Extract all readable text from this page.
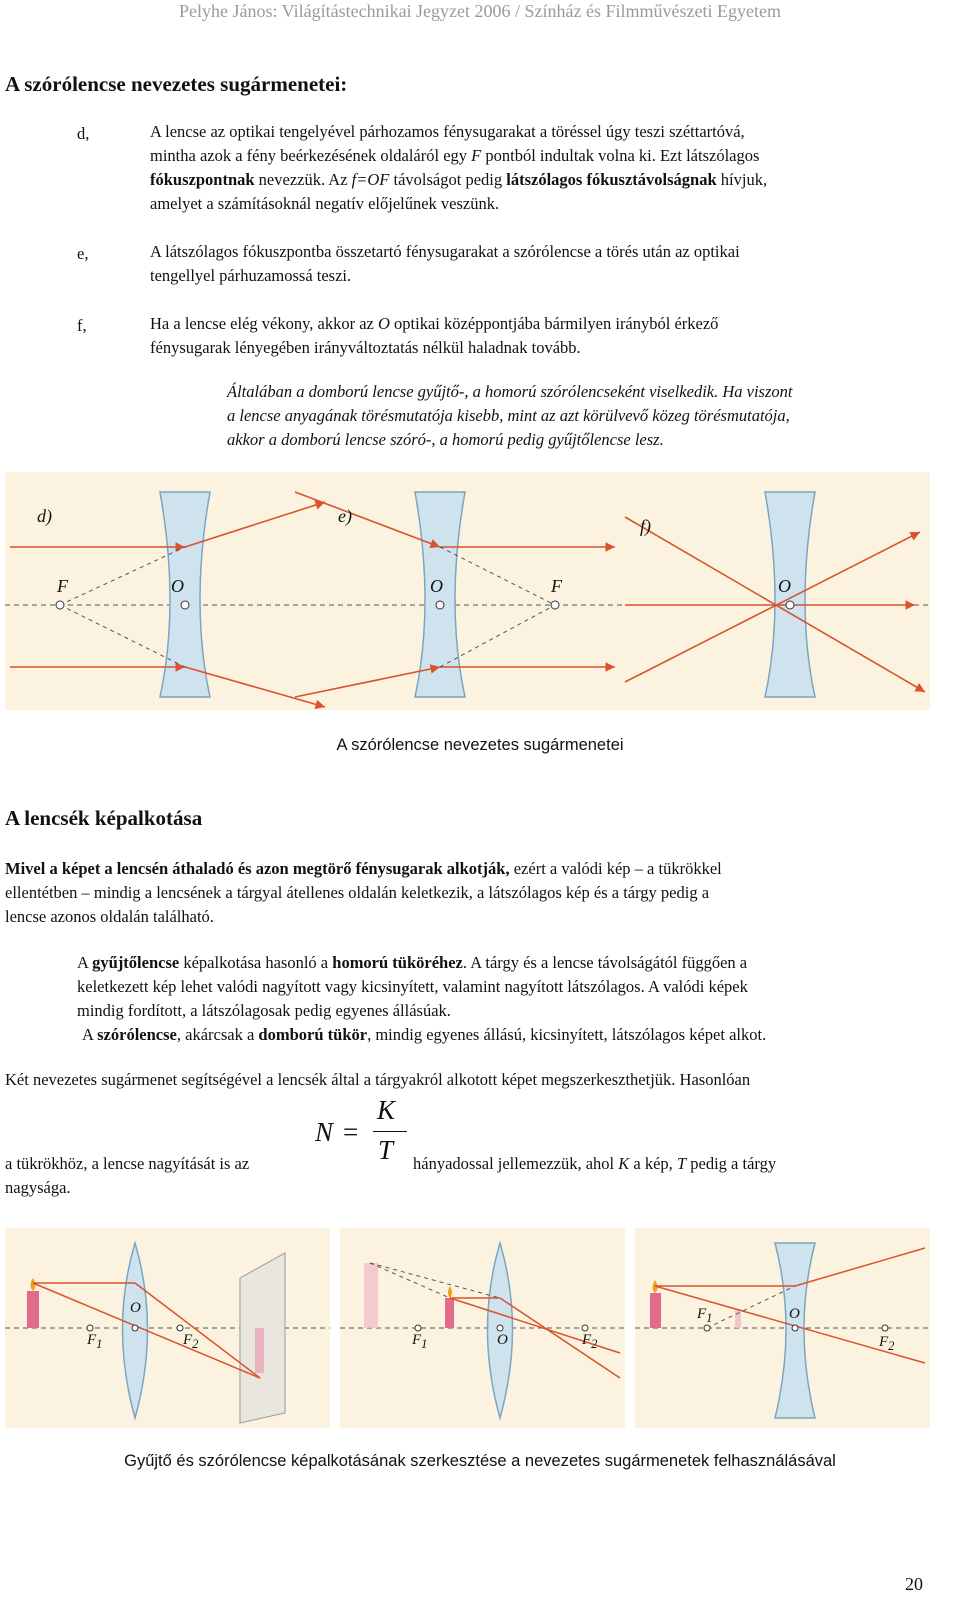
Pelyhe János: Világítástechnikai Jegyzet 2006 / Színház és Filmművészeti Egyetem
A szórólencse nevezetes sugármenetei:
d,	A lencse az optikai tengelyével párhozamos fénysugarakat a töréssel úgy teszi széttartóvá,
mintha azok a fény beérkezésének oldaláról egy F pontból indultak volna ki. Ezt látszólagos
fókuszpontnak nevezzük. Az f=OF távolságot pedig látszólagos fókusztávolságnak hívjuk,
amelyet a számításoknál negatív előjelűnek veszünk.
e,	A látszólagos fókuszpontba összetartó fénysugarakat a szórólencse a törés után az optikai
tengellyel párhuzamossá teszi.
f,	Ha a lencse elég vékony, akkor az O optikai középpontjába bármilyen irányból érkező
fénysugarak lényegében irányváltoztatás nélkül haladnak tovább.
Általában a domború lencse gyűjtő-, a homorú szórólencseként viselkedik. Ha viszont
a lencse anyagának törésmutatója kisebb, mint az azt körülvevő közeg törésmutatója,
akkor a domború lencse szóró-, a homorú pedig gyűjtőlencse lesz.
d)	e)	f)
F	O	O	F	O
A szórólencse nevezetes sugármenetei
A lencsék képalkotása
Mivel a képet a lencsén áthaladó és azon megtörő fénysugarak alkotják, ezért a valódi kép – a tükrökkel
ellentétben – mindig a lencsének a tárgyal átellenes oldalán keletkezik, a látszólagos kép és a tárgy pedig a
lencse azonos oldalán található.
A gyűjtőlencse képalkotása hasonló a homorú tüköréhez. A tárgy és a lencse távolságától függően a
keletkezett kép lehet valódi nagyított vagy kicsinyített, valamint nagyított látszólagos. A valódi képek
mindig fordított, a látszólagosak pedig egyenes állásúak.
A szórólencse, akárcsak a domború tükör, mindig egyenes állású, kicsinyített, látszólagos képet alkot.
Két nevezetes sugármenet segítségével a lencsék által a tárgyakról alkotott képet megszerkeszthetjük. Hasonlóan
a tükrökhöz, a lencse nagyítását is az
N =
K
T hányadossal jellemezzük, ahol K a kép, T pedig a tárgy
nagysága.
O
$F_1$	$F_2$	$F_1$	O	$F_2$
$F_1$	O
$F_2$
Gyűjtő és szórólencse képalkotásának szerkesztése a nevezetes sugármenetek felhasználásával
20
